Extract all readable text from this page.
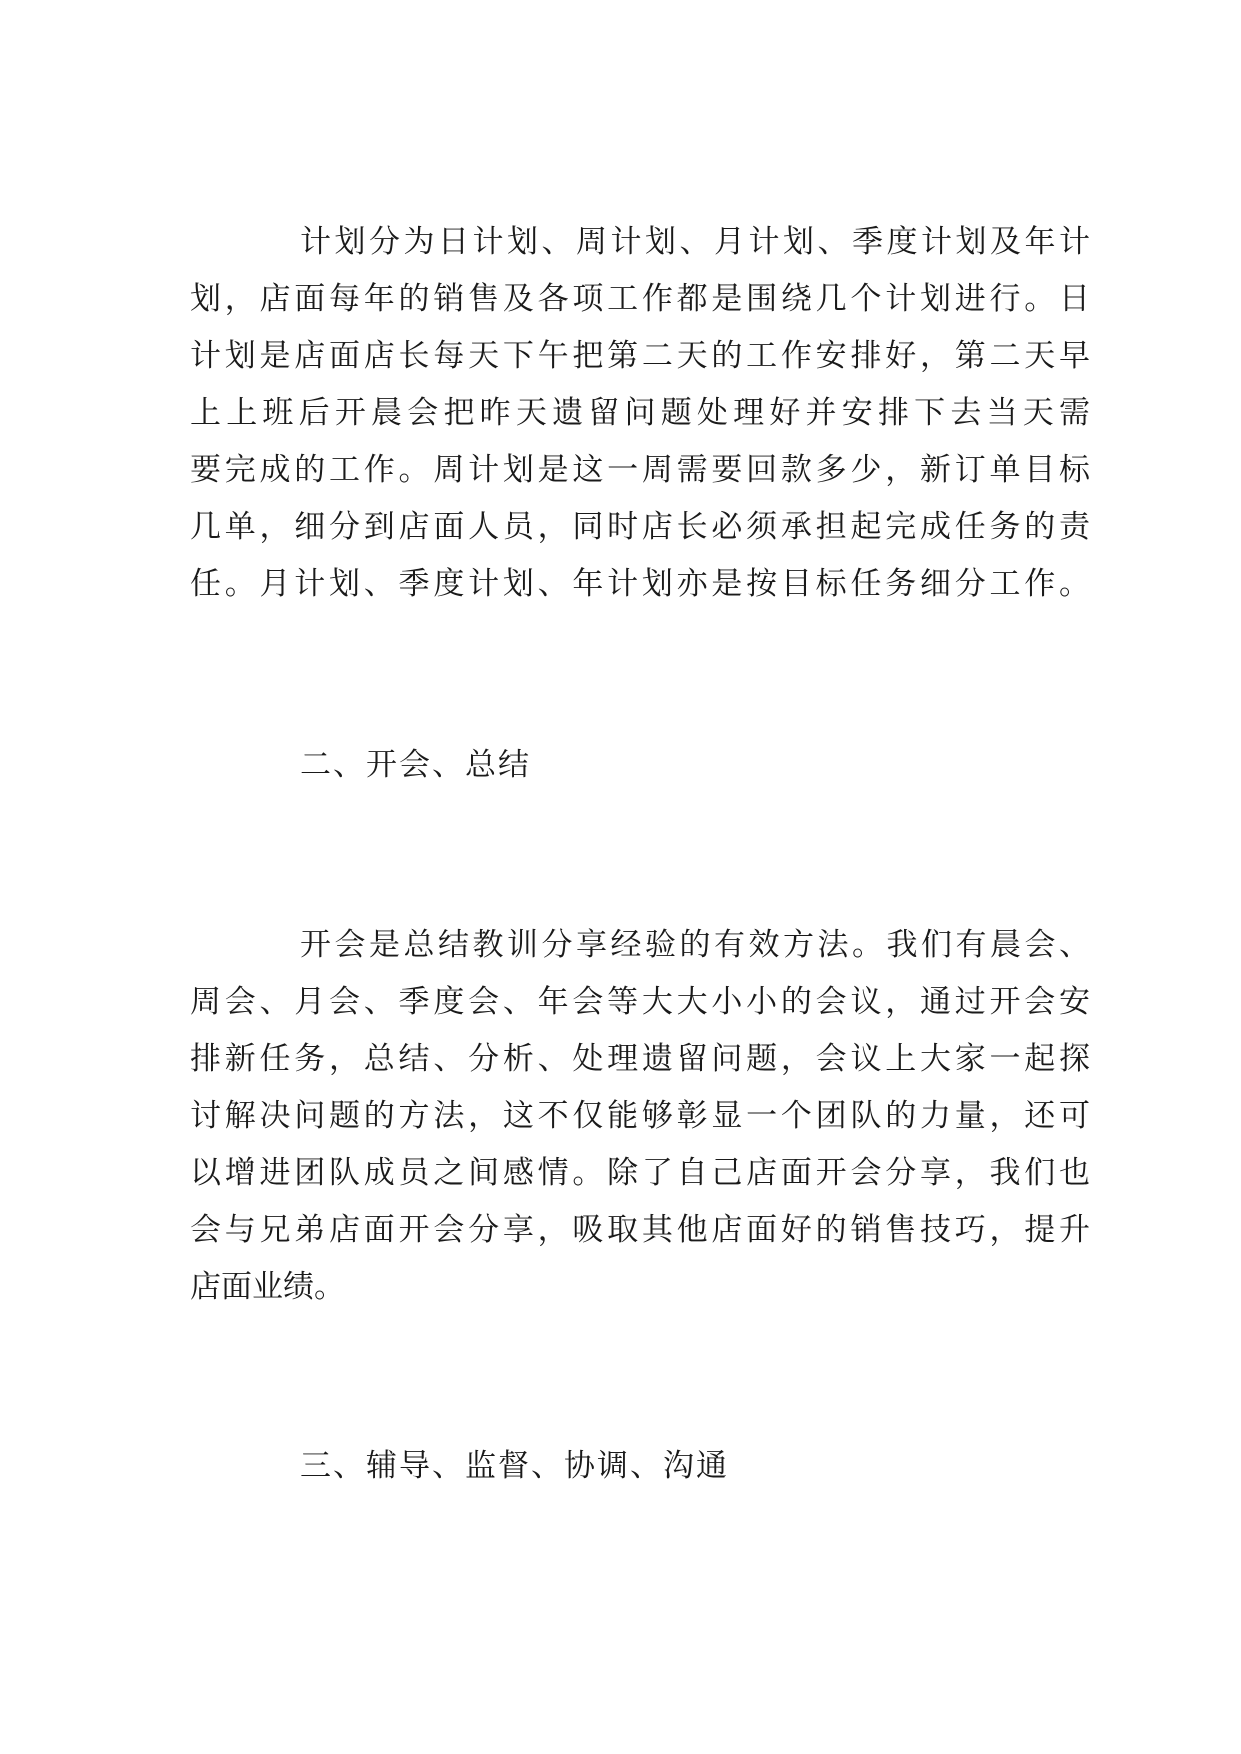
计划分为日计划、周计划、月计划、季度计划及年计
划，店面每年的销售及各项工作都是围绕几个计划进行。日
计划是店面店长每天下午把第二天的工作安排好，第二天早
上上班后开晨会把昨天遗留问题处理好并安排下去当天需
要完成的工作。周计划是这一周需要回款多少，新订单目标
几单，细分到店面人员，同时店长必须承担起完成任务的责
任。月计划、季度计划、年计划亦是按目标任务细分工作。
二、开会、总结
开会是总结教训分享经验的有效方法。我们有晨会、
周会、月会、季度会、年会等大大小小的会议，通过开会安
排新任务，总结、分析、处理遗留问题，会议上大家一起探
讨解决问题的方法，这不仅能够彰显一个团队的力量，还可
以增进团队成员之间感情。除了自己店面开会分享，我们也
会与兄弟店面开会分享，吸取其他店面好的销售技巧，提升
店面业绩。
三、辅导、监督、协调、沟通
